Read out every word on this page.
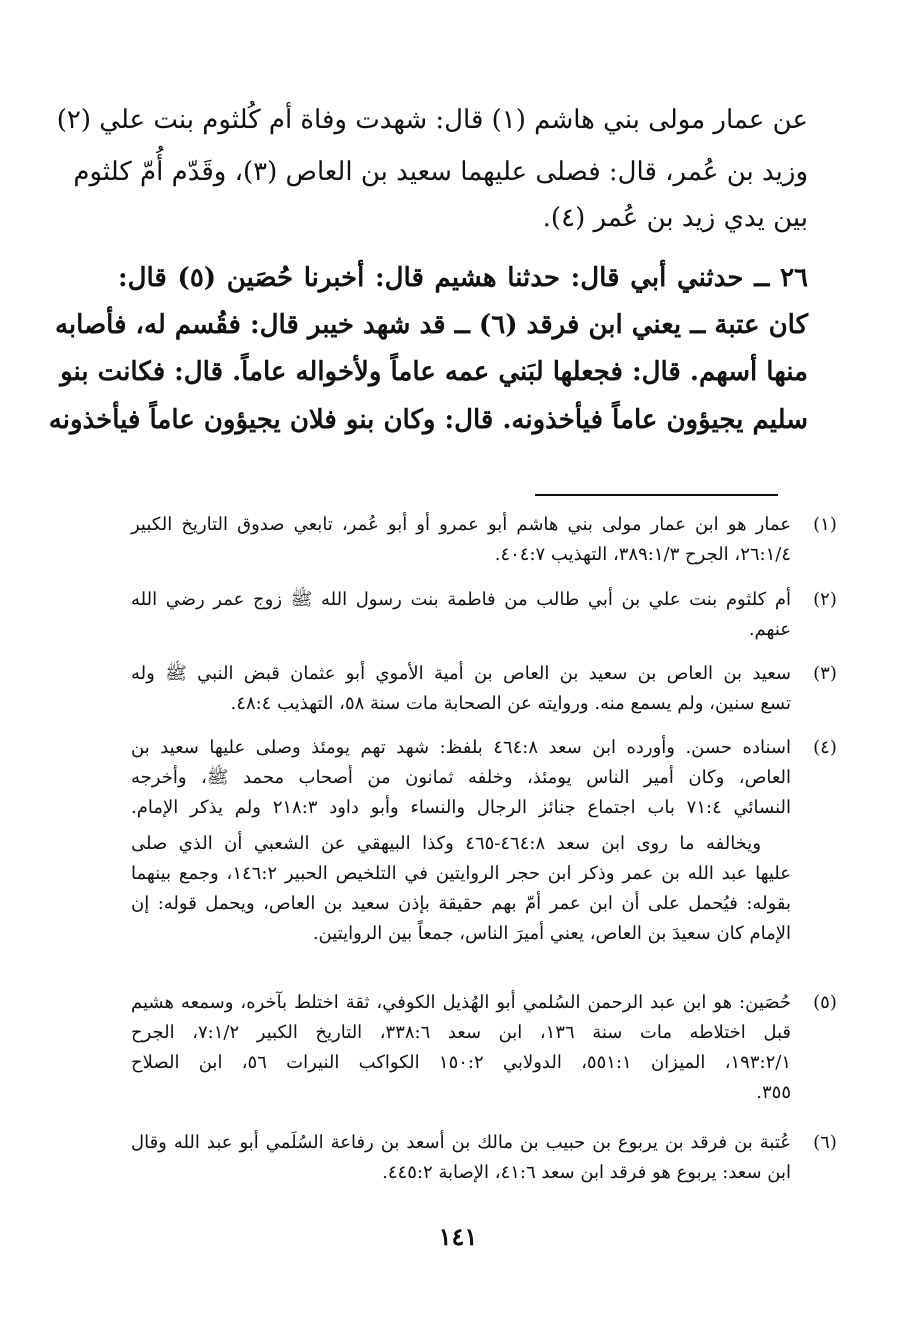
عن عمار مولى بني هاشم (١) قال: شهدت وفاة أم كُلثوم بنت علي (٢)
وزيد بن عُمر، قال: فصلى عليهما سعيد بن العاص (٣)، وقَدّم أُمّ كلثوم
بين يدي زيد بن عُمر (٤).
٢٦ ــ حدثني أبي قال: حدثنا هشيم قال: أخبرنا حُصَين (٥) قال:
كان عتبة ــ يعني ابن فرقد (٦) ــ قد شهد خيبر قال: فقُسم له، فأصابه
منها أسهم. قال: فجعلها لبَني عمه عاماً ولأخواله عاماً. قال: فكانت بنو
سليم يجيؤون عاماً فيأخذونه. قال: وكان بنو فلان يجيؤون عاماً فيأخذونه
(١)
عمار هو ابن عمار مولى بني هاشم أبو عمرو أو أبو عُمر، تابعي صدوق التاريخ الكبير
٢٦:١/٤، الجرح ٣٨٩:١/٣، التهذيب ٤٠٤:٧.
(٢)
أم كلثوم بنت علي بن أبي طالب من فاطمة بنت رسول الله ﷺ زوج عمر رضي الله
عنهم.
(٣)
سعيد بن العاص بن سعيد بن العاص بن أمية الأموي أبو عثمان قبض النبي ﷺ وله
تسع سنين، ولم يسمع منه. وروايته عن الصحابة مات سنة ٥٨، التهذيب ٤٨:٤.
(٤)
اسناده حسن. وأورده ابن سعد ٤٦٤:٨ بلفظ: شهد تهم يومئذ وصلى عليها سعيد بن
العاص، وكان أمير الناس يومئذ، وخلفه ثمانون من أصحاب محمد ﷺ، وأخرجه
النسائي ٧١:٤ باب اجتماع جنائز الرجال والنساء وأبو داود ٢١٨:٣ ولم يذكر الإمام.
ويخالفه ما روى ابن سعد ٤٦٤:٨-٤٦٥ وكذا البيهقي عن الشعبي أن الذي صلى
عليها عبد الله بن عمر وذكر ابن حجر الروايتين في التلخيص الحبير ١٤٦:٢، وجمع بينهما
بقوله: فيُحمل على أن ابن عمر أمّ بهم حقيقة بإذن سعيد بن العاص، ويحمل قوله: إن
الإمام كان سعيدَ بن العاص، يعني أميرَ الناس، جمعاً بين الروايتين.
(٥)
حُصَين: هو ابن عبد الرحمن السُلمي أبو الهُذيل الكوفي، ثقة اختلط بآخره، وسمعه هشيم
قبل اختلاطه مات سنة ١٣٦، ابن سعد ٣٣٨:٦، التاريخ الكبير ٧:١/٢، الجرح
١٩٣:٢/١، الميزان ٥٥١:١، الدولابي ١٥٠:٢ الكواكب النيرات ٥٦، ابن الصلاح
٣٥٥.
(٦)
عُتبة بن فرقد بن يربوع بن حبيب بن مالك بن أسعد بن رفاعة السُلَمي أبو عبد الله وقال
ابن سعد: يربوع هو فرقد ابن سعد ٤١:٦، الإصابة ٤٤٥:٢.
١٤١
